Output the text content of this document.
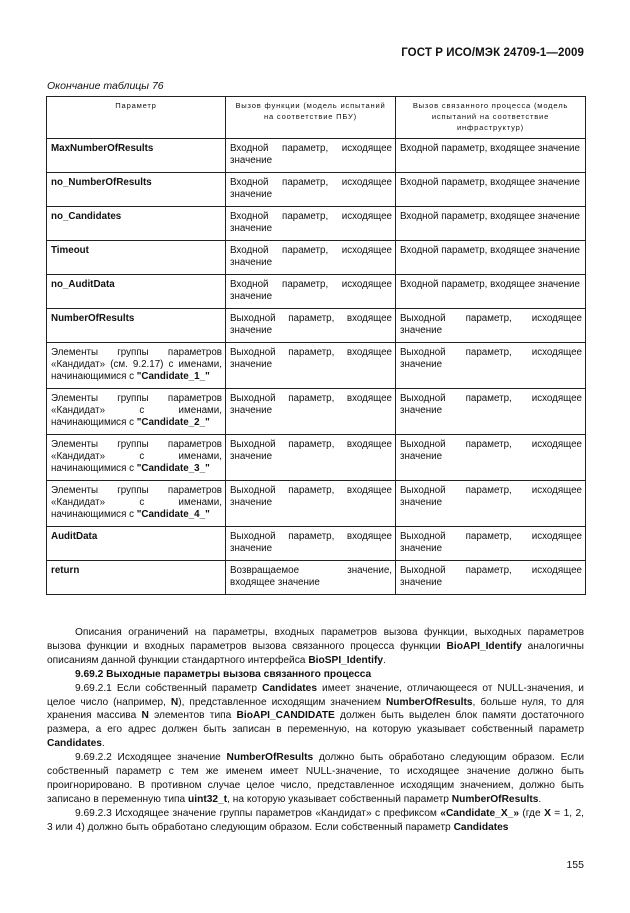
ГОСТ Р ИСО/МЭК 24709-1—2009
Окончание таблицы 76
Параметр	Вызов функции (модель испытаний на соответствие ПБУ)	Вызов связанного процесса (модель испытаний на соответствие инфраструктур)
MaxNumberOfResults	Входной параметр, исходящее значение	Входной параметр, входящее значение
no_NumberOfResults	Входной параметр, исходящее значение	Входной параметр, входящее значение
no_Candidates	Входной параметр, исходящее значение	Входной параметр, входящее значение
Timeout	Входной параметр, исходящее значение	Входной параметр, входящее значение
no_AuditData	Входной параметр, исходящее значение	Входной параметр, входящее значение
NumberOfResults	Выходной параметр, входящее значение	Выходной параметр, исходящее значение
Элементы группы параметров «Кандидат» (см. 9.2.17) с именами, начинающимися с "Candidate_1_"	Выходной параметр, входящее значение	Выходной параметр, исходящее значение
Элементы группы параметров «Кандидат» с именами, начинающимися с "Candidate_2_"	Выходной параметр, входящее значение	Выходной параметр, исходящее значение
Элементы группы параметров «Кандидат» с именами, начинающимися с "Candidate_3_"	Выходной параметр, входящее значение	Выходной параметр, исходящее значение
Элементы группы параметров «Кандидат» с именами, начинающимися с "Candidate_4_"	Выходной параметр, входящее значение	Выходной параметр, исходящее значение
AuditData	Выходной параметр, входящее значение	Выходной параметр, исходящее значение
return	Возвращаемое значение, входящее значение	Выходной параметр, исходящее значение

Описания ограничений на параметры, входных параметров вызова функции, выходных параметров вызова функции и входных параметров вызова связанного процесса функции BioAPI_Identify аналогичны описаниям данной функции стандартного интерфейса BioSPI_Identify.

9.69.2 Выходные параметры вызова связанного процесса

9.69.2.1 Если собственный параметр Candidates имеет значение, отличающееся от NULL-значения, и целое число (например, N), представленное исходящим значением NumberOfResults, больше нуля, то для хранения массива N элементов типа BioAPI_CANDIDATE должен быть выделен блок памяти достаточного размера, а его адрес должен быть записан в переменную, на которую указывает собственный параметр Candidates.

9.69.2.2 Исходящее значение NumberOfResults должно быть обработано следующим образом. Если собственный параметр с тем же именем имеет NULL-значение, то исходящее значение должно быть проигнорировано. В противном случае целое число, представленное исходящим значением, должно быть записано в переменную типа uint32_t, на которую указывает собственный параметр NumberOfResults.

9.69.2.3 Исходящее значение группы параметров «Кандидат» с префиксом «Candidate_X_» (где X = 1, 2, 3 или 4) должно быть обработано следующим образом. Если собственный параметр Candidates

155
